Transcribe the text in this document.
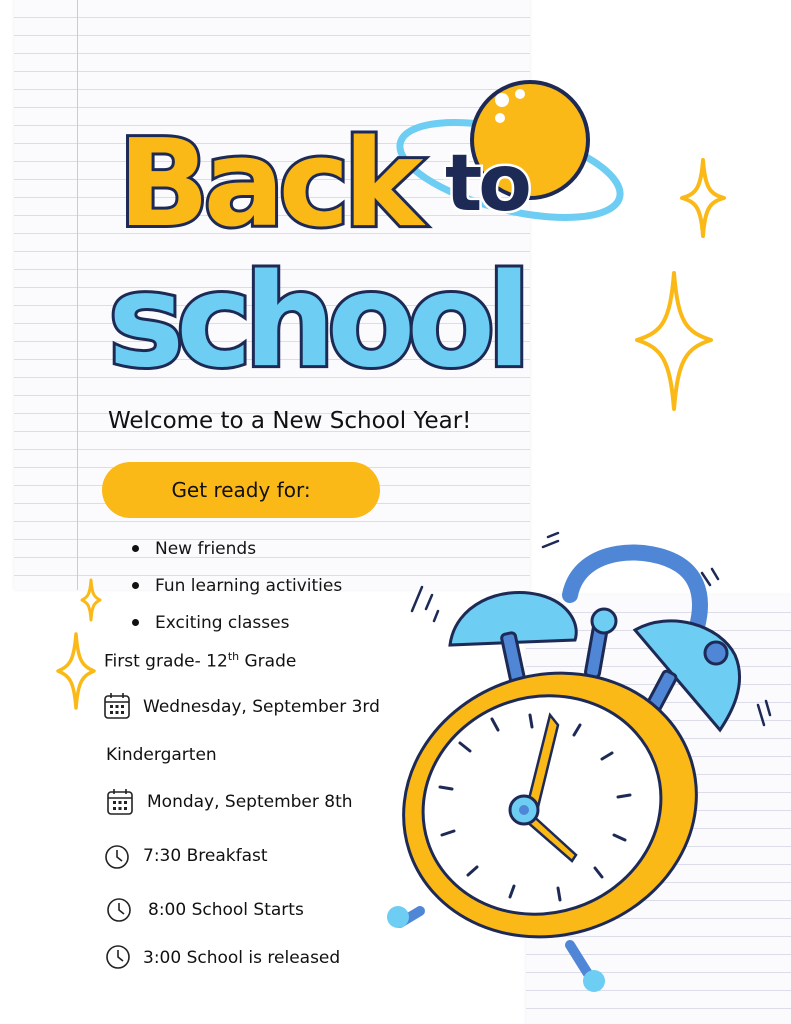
Back to
school
Welcome to a New School Year!
Get ready for:
New friends
Fun learning activities
Exciting classes
First grade- 12th Grade
Wednesday, September 3rd
Kindergarten
Monday, September 8th
7:30 Breakfast
8:00 School Starts
3:00 School is released
